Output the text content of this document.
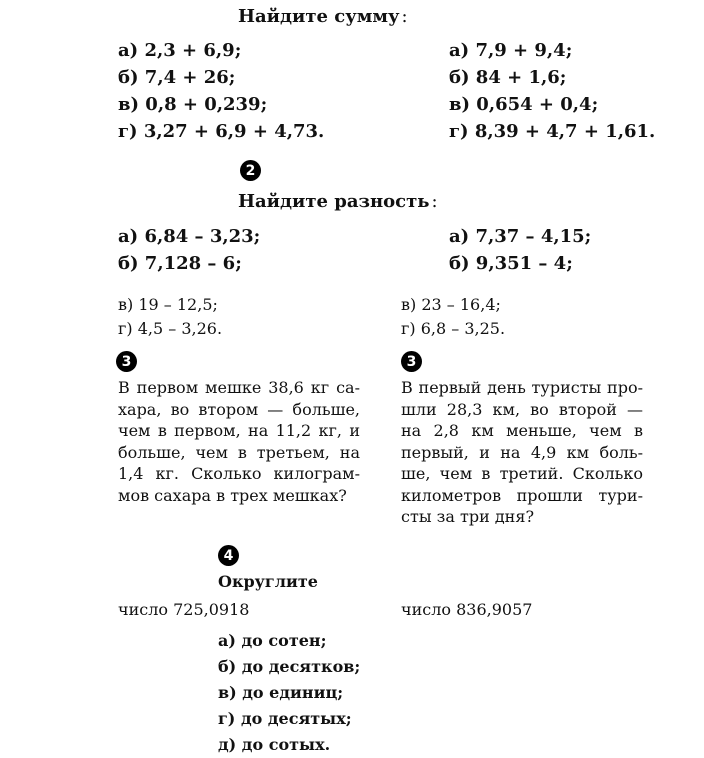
Найдите сумму :
а) 2,3 + 6,9;
б) 7,4 + 26;
в) 0,8 + 0,239;
г) 3,27 + 6,9 + 4,73.
а) 7,9 + 9,4;
б) 84 + 1,6;
в) 0,654 + 0,4;
г) 8,39 + 4,7 + 1,61.
2
Найдите разность :
а) 6,84 – 3,23;
б) 7,128 – 6;
а) 7,37 – 4,15;
б) 9,351 – 4;
в) 19 – 12,5;
г) 4,5 – 3,26.
в) 23 – 16,4;
г) 6,8 – 3,25.
3	3
В первом мешке 38,6 кг са-
хара, во втором — больше,
чем в первом, на 11,2 кг, и
больше, чем в третьем, на
1,4 кг. Сколько килограм-
мов сахара в трех мешках?
В первый день туристы про-
шли 28,3 км, во второй —
на 2,8 км меньше, чем в
первый, и на 4,9 км боль-
ше, чем в третий. Сколько
километров прошли тури-
сты за три дня?
4
Округлите
число 725,0918	число 836,9057
а) до сотен;
б) до десятков;
в) до единиц;
г) до десятых;
д) до сотых.
